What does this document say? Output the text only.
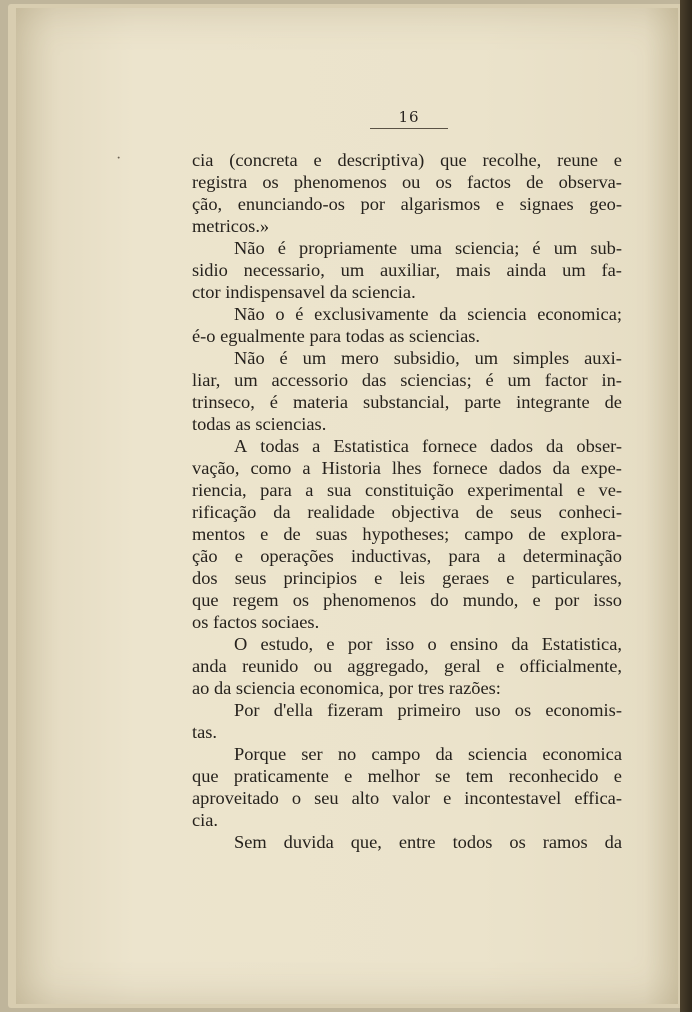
16
·	cia (concreta e descriptiva) que recolhe, reune e
registra os phenomenos ou os factos de observa-
ção, enunciando-os por algarismos e signaes geo-
metricos.»
Não é propriamente uma sciencia; é um sub-
sidio necessario, um auxiliar, mais ainda um fa-
ctor indispensavel da sciencia.
Não o é exclusivamente da sciencia economica;
é-o egualmente para todas as sciencias.
Não é um mero subsidio, um simples auxi-
liar, um accessorio das sciencias; é um factor in-
trinseco, é materia substancial, parte integrante de
todas as sciencias.
A todas a Estatistica fornece dados da obser-
vação, como a Historia lhes fornece dados da expe-
riencia, para a sua constituição experimental e ve-
rificação da realidade objectiva de seus conheci-
mentos e de suas hypotheses; campo de explora-
ção e operações inductivas, para a determinação
dos seus principios e leis geraes e particulares,
que regem os phenomenos do mundo, e por isso
os factos sociaes.
O estudo, e por isso o ensino da Estatistica,
anda reunido ou aggregado, geral e officialmente,
ao da sciencia economica, por tres razões:
Por d'ella fizeram primeiro uso os economis-
tas.
Porque ser no campo da sciencia economica
que praticamente e melhor se tem reconhecido e
aproveitado o seu alto valor e incontestavel effica-
cia.
Sem duvida que, entre todos os ramos da
